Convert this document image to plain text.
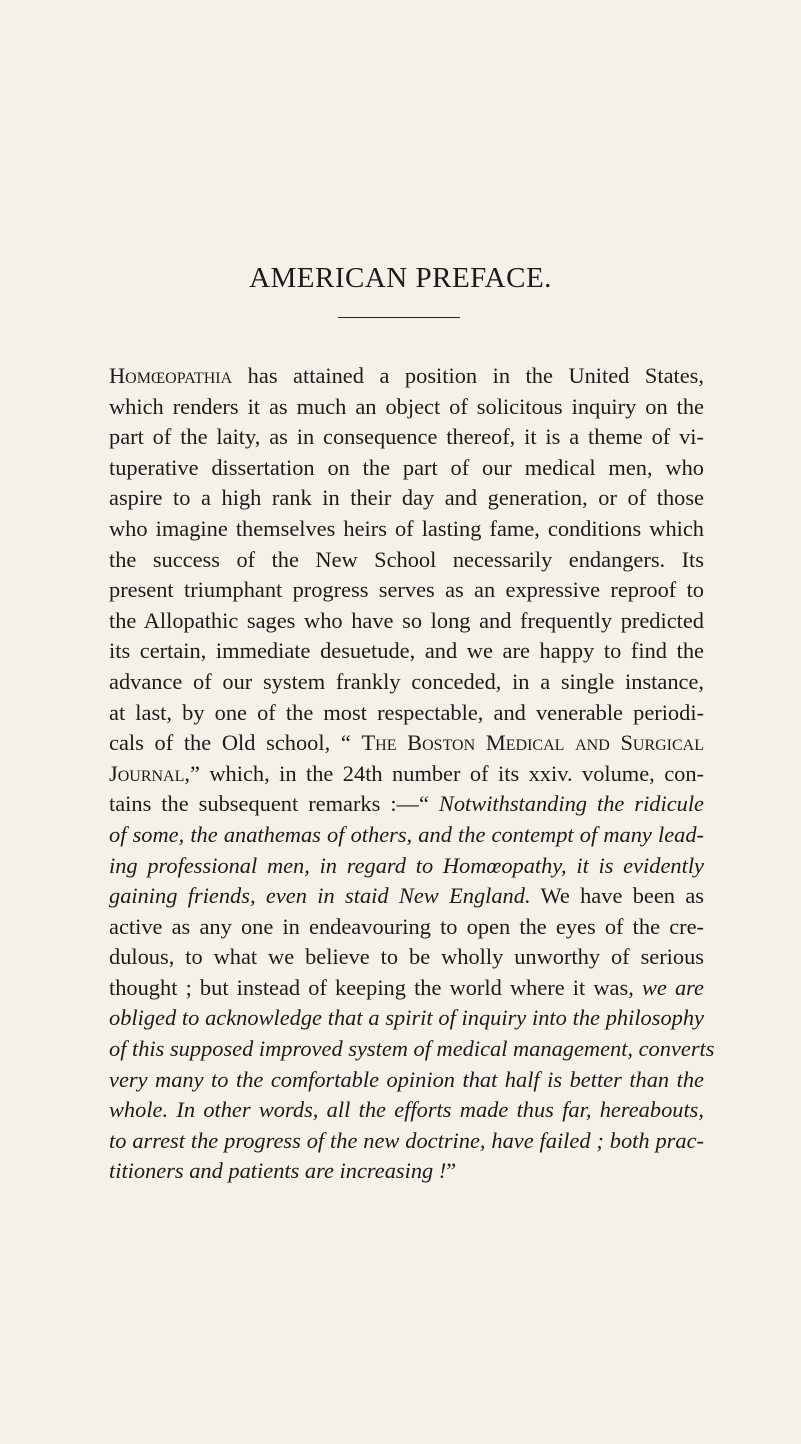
AMERICAN PREFACE.
Homœopathia has attained a position in the United States,
which renders it as much an object of solicitous inquiry on the
part of the laity, as in consequence thereof, it is a theme of vi-
tuperative dissertation on the part of our medical men, who
aspire to a high rank in their day and generation, or of those
who imagine themselves heirs of lasting fame, conditions which
the success of the New School necessarily endangers. Its
present triumphant progress serves as an expressive reproof to
the Allopathic sages who have so long and frequently predicted
its certain, immediate desuetude, and we are happy to find the
advance of our system frankly conceded, in a single instance,
at last, by one of the most respectable, and venerable periodi-
cals of the Old school, “ The Boston Medical and Surgical
Journal,” which, in the 24th number of its xxiv. volume, con-
tains the subsequent remarks :—“ Notwithstanding the ridicule
of some, the anathemas of others, and the contempt of many lead-
ing professional men, in regard to Homœopathy, it is evidently
gaining friends, even in staid New England. We have been as
active as any one in endeavouring to open the eyes of the cre-
dulous, to what we believe to be wholly unworthy of serious
thought ; but instead of keeping the world where it was, we are
obliged to acknowledge that a spirit of inquiry into the philosophy
of this supposed improved system of medical management, converts
very many to the comfortable opinion that half is better than the
whole. In other words, all the efforts made thus far, hereabouts,
to arrest the progress of the new doctrine, have failed ; both prac-
titioners and patients are increasing !”
